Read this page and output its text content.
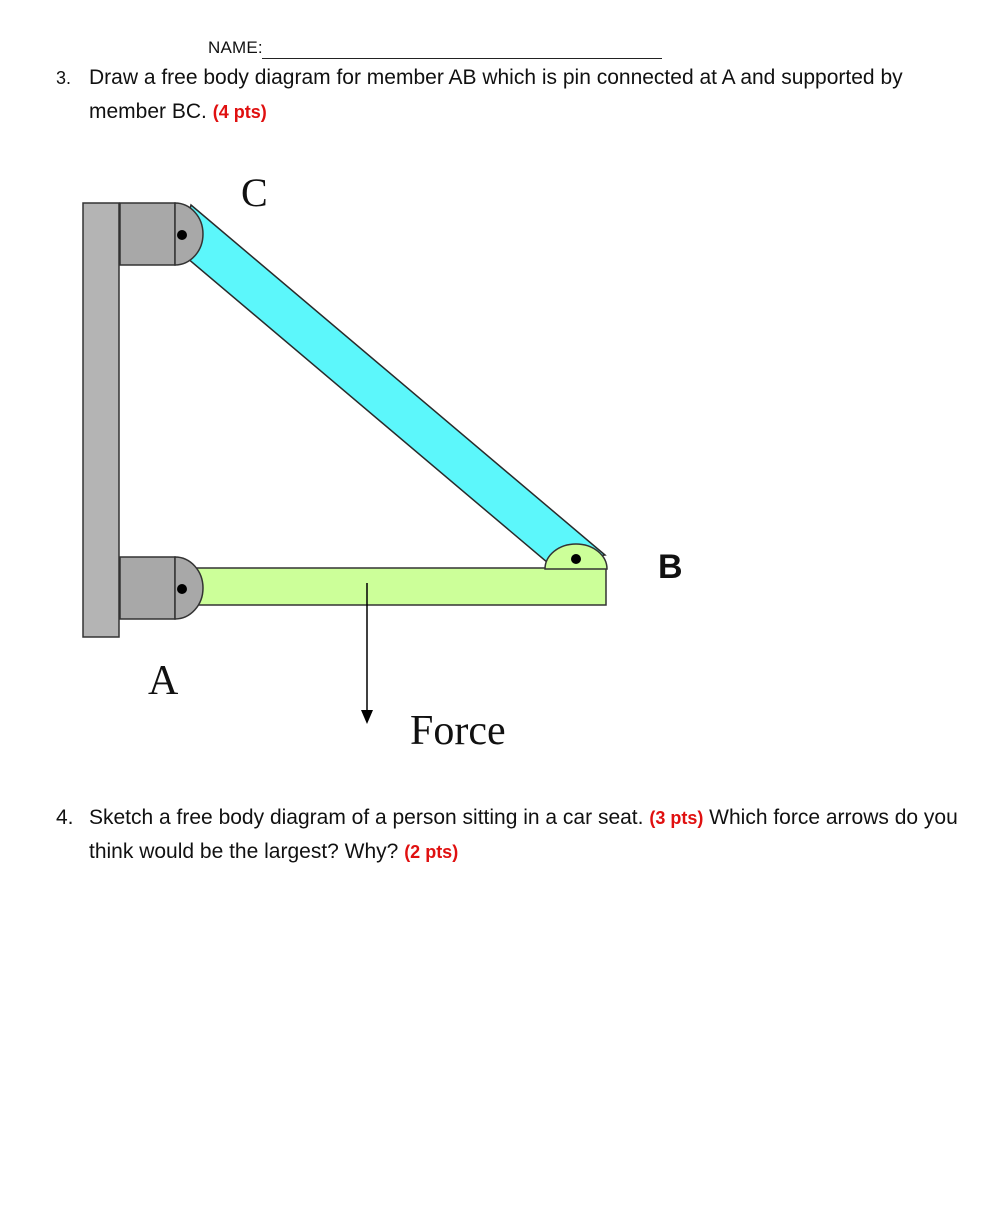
NAME:
3. Draw a free body diagram for member AB which is pin connected at A and supported by member BC. (4 pts)
C
B
A
Force
4. Sketch a free body diagram of a person sitting in a car seat. (3 pts) Which force arrows do you think would be the largest? Why? (2 pts)
